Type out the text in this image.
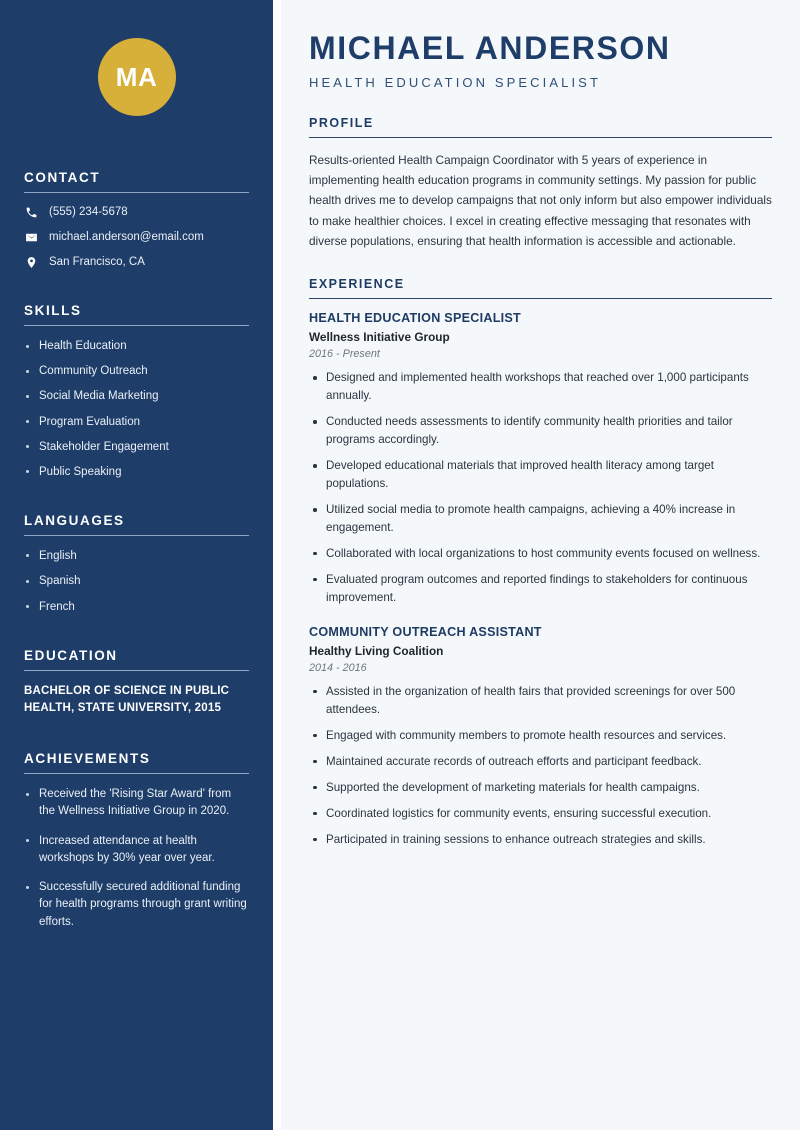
MA
CONTACT
(555) 234-5678
michael.anderson@email.com
San Francisco, CA
SKILLS
Health Education
Community Outreach
Social Media Marketing
Program Evaluation
Stakeholder Engagement
Public Speaking
LANGUAGES
English
Spanish
French
EDUCATION
BACHELOR OF SCIENCE IN PUBLIC HEALTH, STATE UNIVERSITY, 2015
ACHIEVEMENTS
Received the 'Rising Star Award' from the Wellness Initiative Group in 2020.
Increased attendance at health workshops by 30% year over year.
Successfully secured additional funding for health programs through grant writing efforts.
MICHAEL ANDERSON
HEALTH EDUCATION SPECIALIST
PROFILE

Results-oriented Health Campaign Coordinator with 5 years of experience in implementing health education programs in community settings. My passion for public health drives me to develop campaigns that not only inform but also empower individuals to make healthier choices. I excel in creating effective messaging that resonates with diverse populations, ensuring that health information is accessible and actionable.

EXPERIENCE
HEALTH EDUCATION SPECIALIST
Wellness Initiative Group
2016 - Present
Designed and implemented health workshops that reached over 1,000 participants annually.
Conducted needs assessments to identify community health priorities and tailor programs accordingly.
Developed educational materials that improved health literacy among target populations.
Utilized social media to promote health campaigns, achieving a 40% increase in engagement.
Collaborated with local organizations to host community events focused on wellness.
Evaluated program outcomes and reported findings to stakeholders for continuous improvement.
COMMUNITY OUTREACH ASSISTANT
Healthy Living Coalition
2014 - 2016
Assisted in the organization of health fairs that provided screenings for over 500 attendees.
Engaged with community members to promote health resources and services.
Maintained accurate records of outreach efforts and participant feedback.
Supported the development of marketing materials for health campaigns.
Coordinated logistics for community events, ensuring successful execution.
Participated in training sessions to enhance outreach strategies and skills.
